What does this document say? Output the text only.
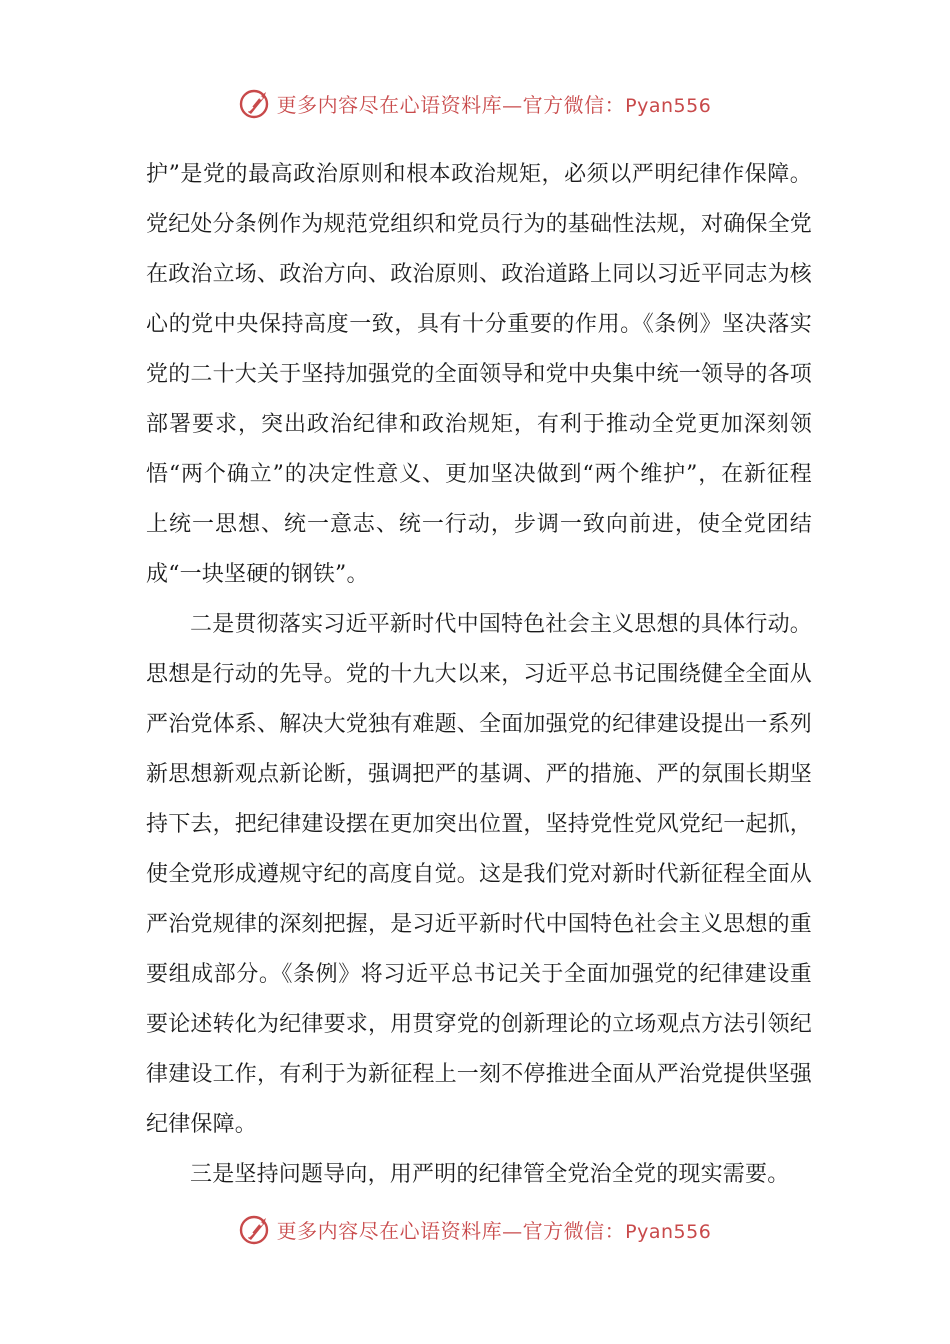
更多内容尽在心语资料库—官方微信：Pyan556

护”是党的最高政治原则和根本政治规矩，必须以严明纪律作保障。党纪处分条例作为规范党组织和党员行为的基础性法规，对确保全党在政治立场、政治方向、政治原则、政治道路上同以习近平同志为核心的党中央保持高度一致，具有十分重要的作用。《条例》坚决落实党的二十大关于坚持加强党的全面领导和党中央集中统一领导的各项部署要求，突出政治纪律和政治规矩，有利于推动全党更加深刻领悟“两个确立”的决定性意义、更加坚决做到“两个维护”，在新征程上统一思想、统一意志、统一行动，步调一致向前进，使全党团结成“一块坚硬的钢铁”。

二是贯彻落实习近平新时代中国特色社会主义思想的具体行动。思想是行动的先导。党的十九大以来，习近平总书记围绕健全全面从严治党体系、解决大党独有难题、全面加强党的纪律建设提出一系列新思想新观点新论断，强调把严的基调、严的措施、严的氛围长期坚持下去，把纪律建设摆在更加突出位置，坚持党性党风党纪一起抓，使全党形成遵规守纪的高度自觉。这是我们党对新时代新征程全面从严治党规律的深刻把握，是习近平新时代中国特色社会主义思想的重要组成部分。《条例》将习近平总书记关于全面加强党的纪律建设重要论述转化为纪律要求，用贯穿党的创新理论的立场观点方法引领纪律建设工作，有利于为新征程上一刻不停推进全面从严治党提供坚强纪律保障。

三是坚持问题导向，用严明的纪律管全党治全党的现实需要。

更多内容尽在心语资料库—官方微信：Pyan556
